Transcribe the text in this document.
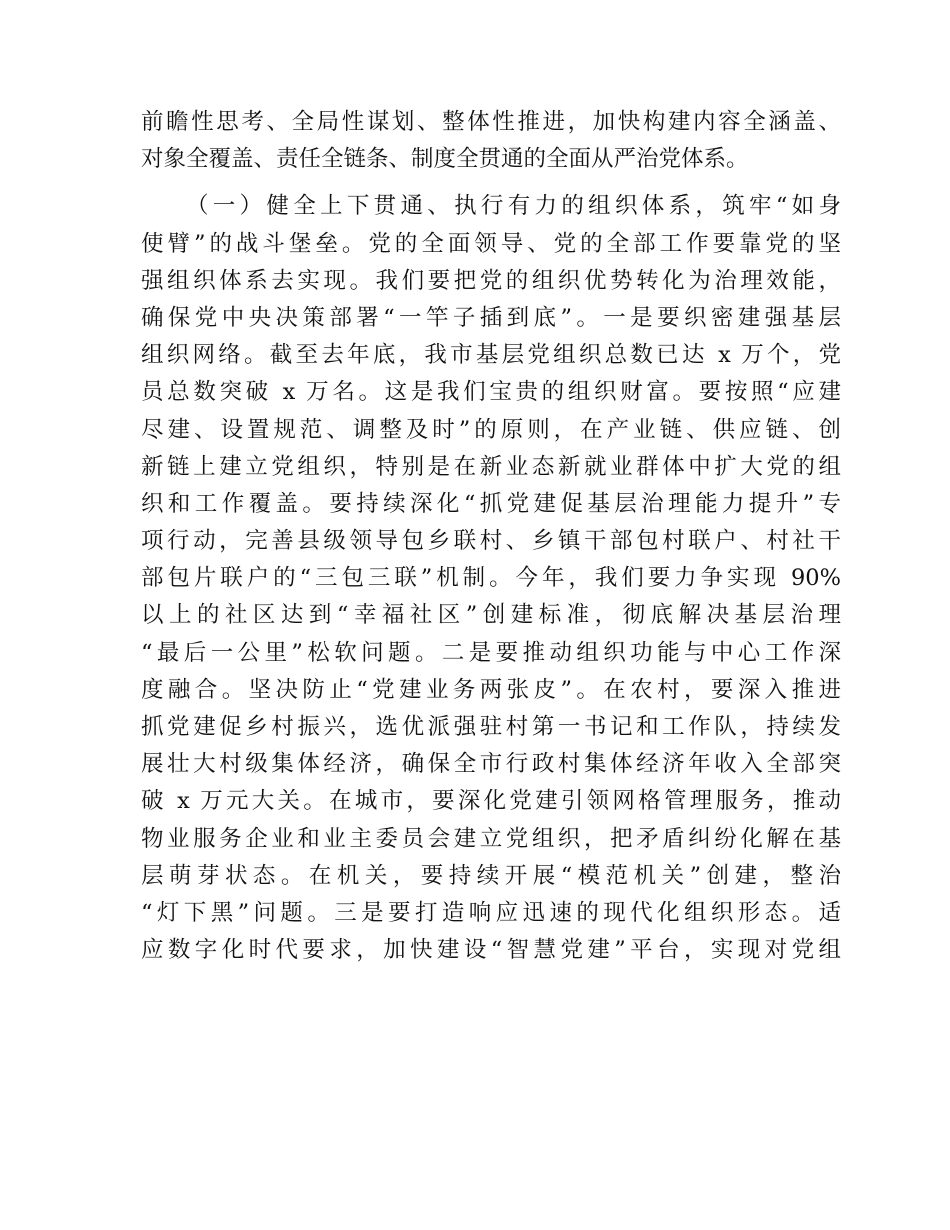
前瞻性思考、全局性谋划、整体性推进，加快构建内容全涵盖、
对象全覆盖、责任全链条、制度全贯通的全面从严治党体系。
（一）健全上下贯通、执行有力的组织体系，筑牢“如身
使臂”的战斗堡垒。党的全面领导、党的全部工作要靠党的坚
强组织体系去实现。我们要把党的组织优势转化为治理效能，
确保党中央决策部署“一竿子插到底”。一是要织密建强基层
组织网络。截至去年底，我市基层党组织总数已达 x 万个，党
员总数突破 x 万名。这是我们宝贵的组织财富。要按照“应建
尽建、设置规范、调整及时”的原则，在产业链、供应链、创
新链上建立党组织，特别是在新业态新就业群体中扩大党的组
织和工作覆盖。要持续深化“抓党建促基层治理能力提升”专
项行动，完善县级领导包乡联村、乡镇干部包村联户、村社干
部包片联户的“三包三联”机制。今年，我们要力争实现 90%
以上的社区达到“幸福社区”创建标准，彻底解决基层治理
“最后一公里”松软问题。二是要推动组织功能与中心工作深
度融合。坚决防止“党建业务两张皮”。在农村，要深入推进
抓党建促乡村振兴，选优派强驻村第一书记和工作队，持续发
展壮大村级集体经济，确保全市行政村集体经济年收入全部突
破 x 万元大关。在城市，要深化党建引领网格管理服务，推动
物业服务企业和业主委员会建立党组织，把矛盾纠纷化解在基
层萌芽状态。在机关，要持续开展“模范机关”创建，整治
“灯下黑”问题。三是要打造响应迅速的现代化组织形态。适
应数字化时代要求，加快建设“智慧党建”平台，实现对党组
